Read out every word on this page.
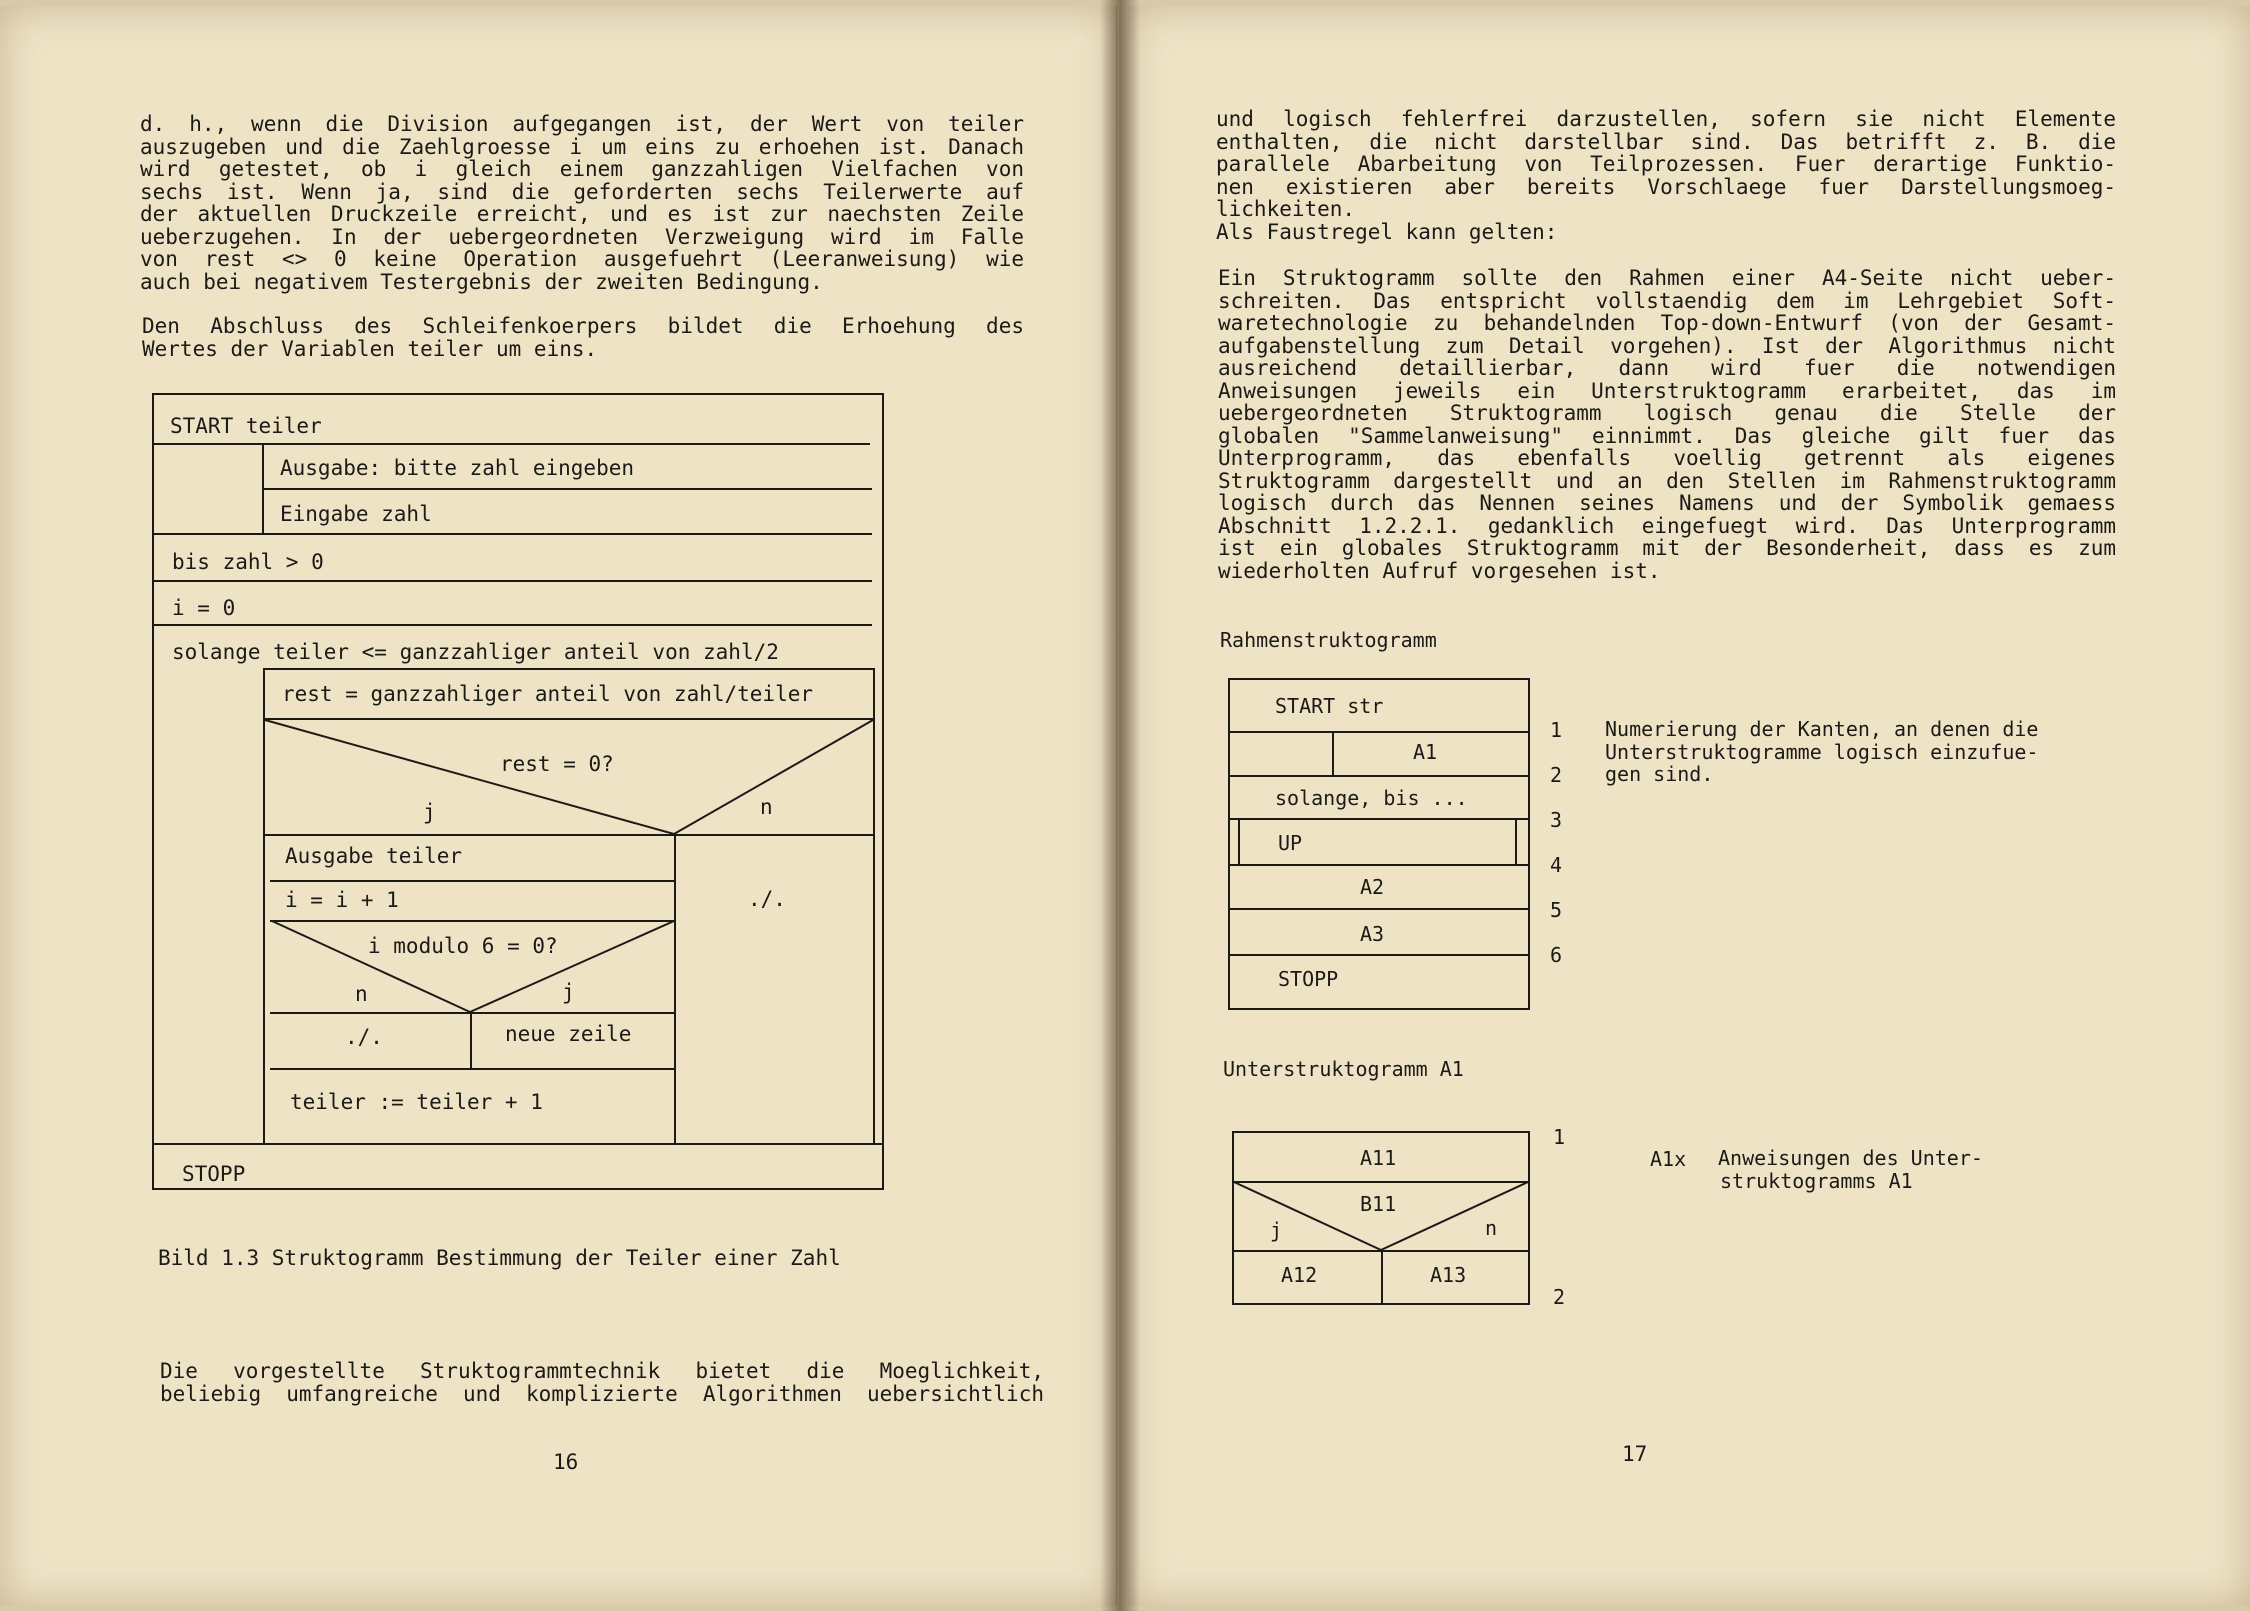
d. h., wenn die Division aufgegangen ist, der Wert von teiler
auszugeben und die Zaehlgroesse i um eins zu erhoehen ist. Danach
wird getestet, ob i gleich einem ganzzahligen Vielfachen von
sechs ist. Wenn ja, sind die geforderten sechs Teilerwerte auf
der aktuellen Druckzeile erreicht, und es ist zur naechsten Zeile
ueberzugehen. In der uebergeordneten Verzweigung wird im Falle
von rest <> 0 keine Operation ausgefuehrt (Leeranweisung) wie
auch bei negativem Testergebnis der zweiten Bedingung.
Den Abschluss des Schleifenkoerpers bildet die Erhoehung des
Wertes der Variablen teiler um eins.
START teiler
Ausgabe: bitte zahl eingeben
Eingabe zahl
bis zahl > 0
i = 0
solange teiler <= ganzzahliger anteil von zahl/2
rest = ganzzahliger anteil von zahl/teiler
rest = 0?
j	n
Ausgabe teiler
i = i + 1	./.
i modulo 6 = 0?
n	j
./.	neue zeile
teiler := teiler + 1
STOPP
Bild 1.3 Struktogramm Bestimmung der Teiler einer Zahl
Die vorgestellte Struktogrammtechnik bietet die Moeglichkeit,
beliebig umfangreiche und komplizierte Algorithmen uebersichtlich
16
und logisch fehlerfrei darzustellen, sofern sie nicht Elemente
enthalten, die nicht darstellbar sind. Das betrifft z. B. die
parallele Abarbeitung von Teilprozessen. Fuer derartige Funktio-
nen existieren aber bereits Vorschlaege fuer Darstellungsmoeg-
lichkeiten.
Als Faustregel kann gelten:
Ein Struktogramm sollte den Rahmen einer A4-Seite nicht ueber-
schreiten. Das entspricht vollstaendig dem im Lehrgebiet Soft-
waretechnologie zu behandelnden Top-down-Entwurf (von der Gesamt-
aufgabenstellung zum Detail vorgehen). Ist der Algorithmus nicht
ausreichend detaillierbar, dann wird fuer die notwendigen
Anweisungen jeweils ein Unterstruktogramm erarbeitet, das im
uebergeordneten Struktogramm logisch genau die Stelle der
globalen "Sammelanweisung" einnimmt. Das gleiche gilt fuer das
Unterprogramm, das ebenfalls voellig getrennt als eigenes
Struktogramm dargestellt und an den Stellen im Rahmenstruktogramm
logisch durch das Nennen seines Namens und der Symbolik gemaess
Abschnitt 1.2.2.1. gedanklich eingefuegt wird. Das Unterprogramm
ist ein globales Struktogramm mit der Besonderheit, dass es zum
wiederholten Aufruf vorgesehen ist.
Rahmenstruktogramm
START str
A1
solange, bis ...
UP
A2
A3
STOPP
1
2
3
4
5
6
Numerierung der Kanten, an denen die
Unterstruktogramme logisch einzufue-
gen sind.
Unterstruktogramm A1
A11
B11
j	n
A12	A13
1
2
A1x Anweisungen des Unter-
struktogramms A1
17
